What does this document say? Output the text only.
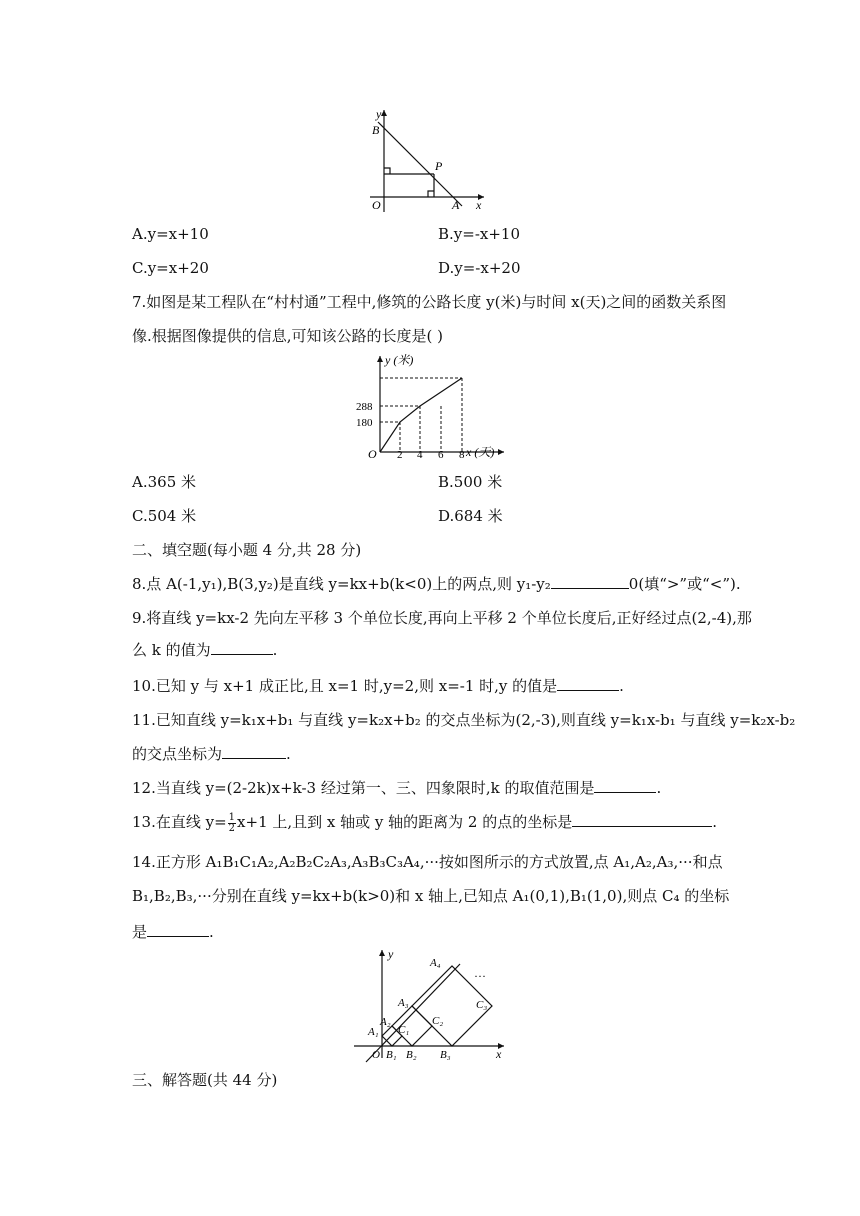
y
B
P
O	A x
A.y=x+10	B.y=-x+10
C.y=x+20	D.y=-x+20
7.如图是某工程队在“村村通”工程中,修筑的公路长度 y(米)与时间 x(天)之间的函数关系图
像.根据图像提供的信息,可知该公路的长度是( )
y (米)
x (天)
O 2 4 6 8
288
180
A.365 米	B.500 米
C.504 米	D.684 米
二、填空题(每小题 4 分,共 28 分)
8.点 A(-1,y₁),B(3,y₂)是直线 y=kx+b(k<0)上的两点,则 y₁-y₂	0(填“>”或“<”).
9.将直线 y=kx-2 先向左平移 3 个单位长度,再向上平移 2 个单位长度后,正好经过点(2,-4),那
么 k 的值为	.
10.已知 y 与 x+1 成正比,且 x=1 时,y=2,则 x=-1 时,y 的值是	.
11.已知直线 y=k₁x+b₁ 与直线 y=k₂x+b₂ 的交点坐标为(2,-3),则直线 y=k₁x-b₁ 与直线 y=k₂x-b₂
的交点坐标为	.
12.当直线 y=(2-2k)x+k-3 经过第一、三、四象限时,k 的取值范围是	.
13.在直线 $y= \frac{1}{2} x+1$ 上,且到 x 轴或 y 轴的距离为 2 的点的坐标是	.
14.正方形 A₁B₁C₁A₂,A₂B₂C₂A₃,A₃B₃C₃A₄,···按如图所示的方式放置,点 A₁,A₂,A₃,···和点
B₁,B₂,B₃,···分别在直线 y=kx+b(k>0)和 x 轴上,已知点 A₁(0,1),B₁(1,0),则点 C₄ 的坐标
是	.
y
x
O
A₁
A₂
A₃
A₄
B₁ B₂ B₃
C₁
C₂
C₃
···
三、解答题(共 44 分)
